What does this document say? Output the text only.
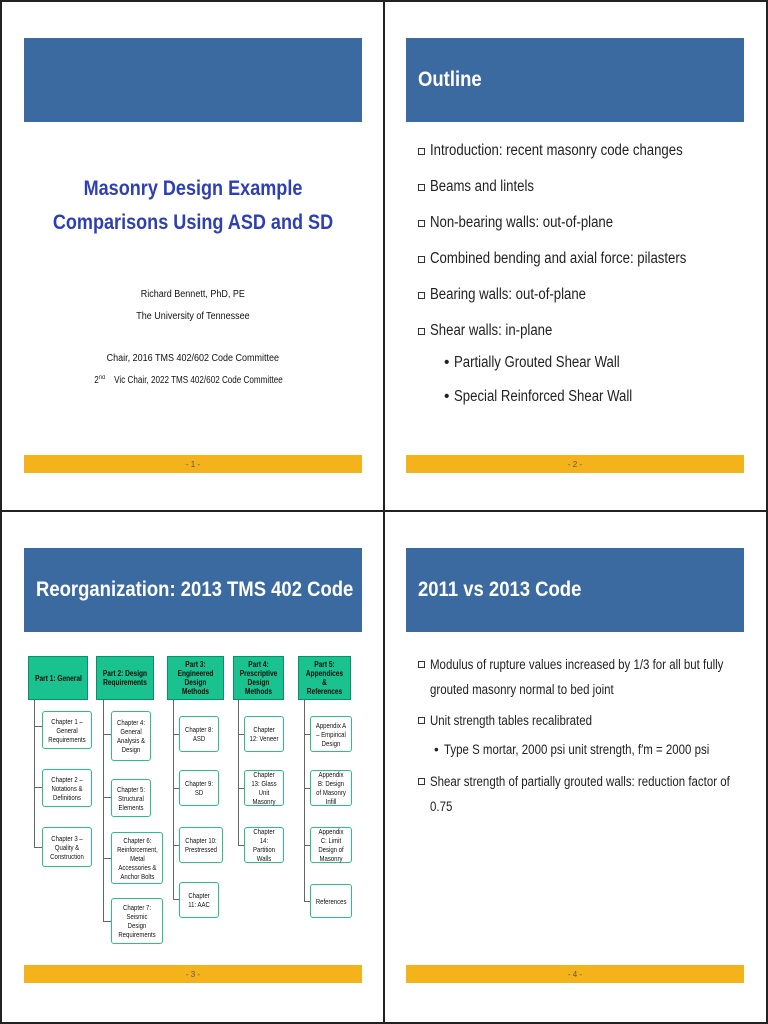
Masonry Design Example
Comparisons Using ASD and SD
Richard Bennett, PhD, PE
The University of Tennessee
Chair, 2016 TMS 402/602 Code Committee
2ndVic Chair, 2022 TMS 402/602 Code Committee
- 1 -
Outline
Introduction: recent masonry code changes
Beams and lintels
Non-bearing walls: out-of-plane
Combined bending and axial force: pilasters
Bearing walls: out-of-plane
Shear walls: in-plane
• Partially Grouted Shear Wall
• Special Reinforced Shear Wall
- 2 -
Reorganization: 2013 TMS 402 Code
Part 1: General	Part 2: Design Requirements
Part 3: Engineered Design Methods
Part 4: Prescriptive Design Methods
Part 5: Appendices & References
Chapter 1 – General Requirements
Chapter 2 – Notations & Definitions
Chapter 3 – Quality & Construction
Chapter 4: General Analysis & Design
Chapter 5: Structural Elements
Chapter 6: Reinforcement, Metal Accessories & Anchor Bolts
Chapter 7: Seismic Design Requirements
Chapter 8: ASD
Chapter 9: SD
Chapter 10: Prestressed
Chapter 11: AAC
Chapter 12: Veneer
Chapter 13: Glass Unit Masonry
Chapter 14: Partition Walls
Appendix A – Empirical Design
Appendix B: Design of Masonry Infill
Appendix C: Limit Design of Masonry
References
- 3 -
2011 vs 2013 Code
Modulus of rupture values increased by 1/3 for all but fully grouted masonry normal to bed joint
Unit strength tables recalibrated
• Type S mortar, 2000 psi unit strength, f′m = 2000 psi
Shear strength of partially grouted walls: reduction factor of 0.75
- 4 -
